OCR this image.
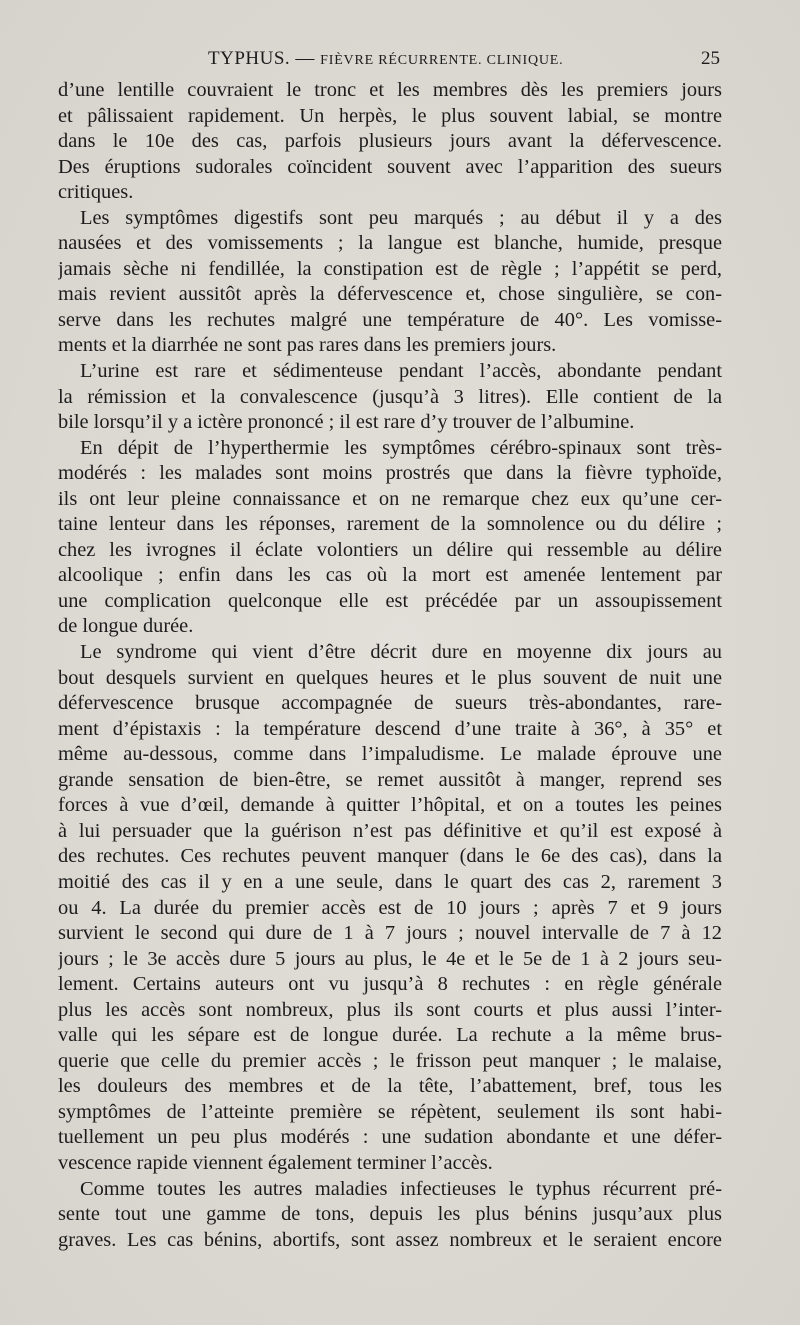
TYPHUS. — FIÈVRE RÉCURRENTE. CLINIQUE.	25
d’une lentille couvraient le tronc et les membres dès les premiers jours
et pâlissaient rapidement. Un herpès, le plus souvent labial, se montre
dans le 10e des cas, parfois plusieurs jours avant la défervescence.
Des éruptions sudorales coïncident souvent avec l’apparition des sueurs
critiques.
Les symptômes digestifs sont peu marqués ; au début il y a des
nausées et des vomissements ; la langue est blanche, humide, presque
jamais sèche ni fendillée, la constipation est de règle ; l’appétit se perd,
mais revient aussitôt après la défervescence et, chose singulière, se con-
serve dans les rechutes malgré une température de 40°. Les vomisse-
ments et la diarrhée ne sont pas rares dans les premiers jours.
L’urine est rare et sédimenteuse pendant l’accès, abondante pendant
la rémission et la convalescence (jusqu’à 3 litres). Elle contient de la
bile lorsqu’il y a ictère prononcé ; il est rare d’y trouver de l’albumine.
En dépit de l’hyperthermie les symptômes cérébro-spinaux sont très-
modérés : les malades sont moins prostrés que dans la fièvre typhoïde,
ils ont leur pleine connaissance et on ne remarque chez eux qu’une cer-
taine lenteur dans les réponses, rarement de la somnolence ou du délire ;
chez les ivrognes il éclate volontiers un délire qui ressemble au délire
alcoolique ; enfin dans les cas où la mort est amenée lentement par
une complication quelconque elle est précédée par un assoupissement
de longue durée.
Le syndrome qui vient d’être décrit dure en moyenne dix jours au
bout desquels survient en quelques heures et le plus souvent de nuit une
défervescence brusque accompagnée de sueurs très-abondantes, rare-
ment d’épistaxis : la température descend d’une traite à 36°, à 35° et
même au-dessous, comme dans l’impaludisme. Le malade éprouve une
grande sensation de bien-être, se remet aussitôt à manger, reprend ses
forces à vue d’œil, demande à quitter l’hôpital, et on a toutes les peines
à lui persuader que la guérison n’est pas définitive et qu’il est exposé à
des rechutes. Ces rechutes peuvent manquer (dans le 6e des cas), dans la
moitié des cas il y en a une seule, dans le quart des cas 2, rarement 3
ou 4. La durée du premier accès est de 10 jours ; après 7 et 9 jours
survient le second qui dure de 1 à 7 jours ; nouvel intervalle de 7 à 12
jours ; le 3e accès dure 5 jours au plus, le 4e et le 5e de 1 à 2 jours seu-
lement. Certains auteurs ont vu jusqu’à 8 rechutes : en règle générale
plus les accès sont nombreux, plus ils sont courts et plus aussi l’inter-
valle qui les sépare est de longue durée. La rechute a la même brus-
querie que celle du premier accès ; le frisson peut manquer ; le malaise,
les douleurs des membres et de la tête, l’abattement, bref, tous les
symptômes de l’atteinte première se répètent, seulement ils sont habi-
tuellement un peu plus modérés : une sudation abondante et une défer-
vescence rapide viennent également terminer l’accès.
Comme toutes les autres maladies infectieuses le typhus récurrent pré-
sente tout une gamme de tons, depuis les plus bénins jusqu’aux plus
graves. Les cas bénins, abortifs, sont assez nombreux et le seraient encore
